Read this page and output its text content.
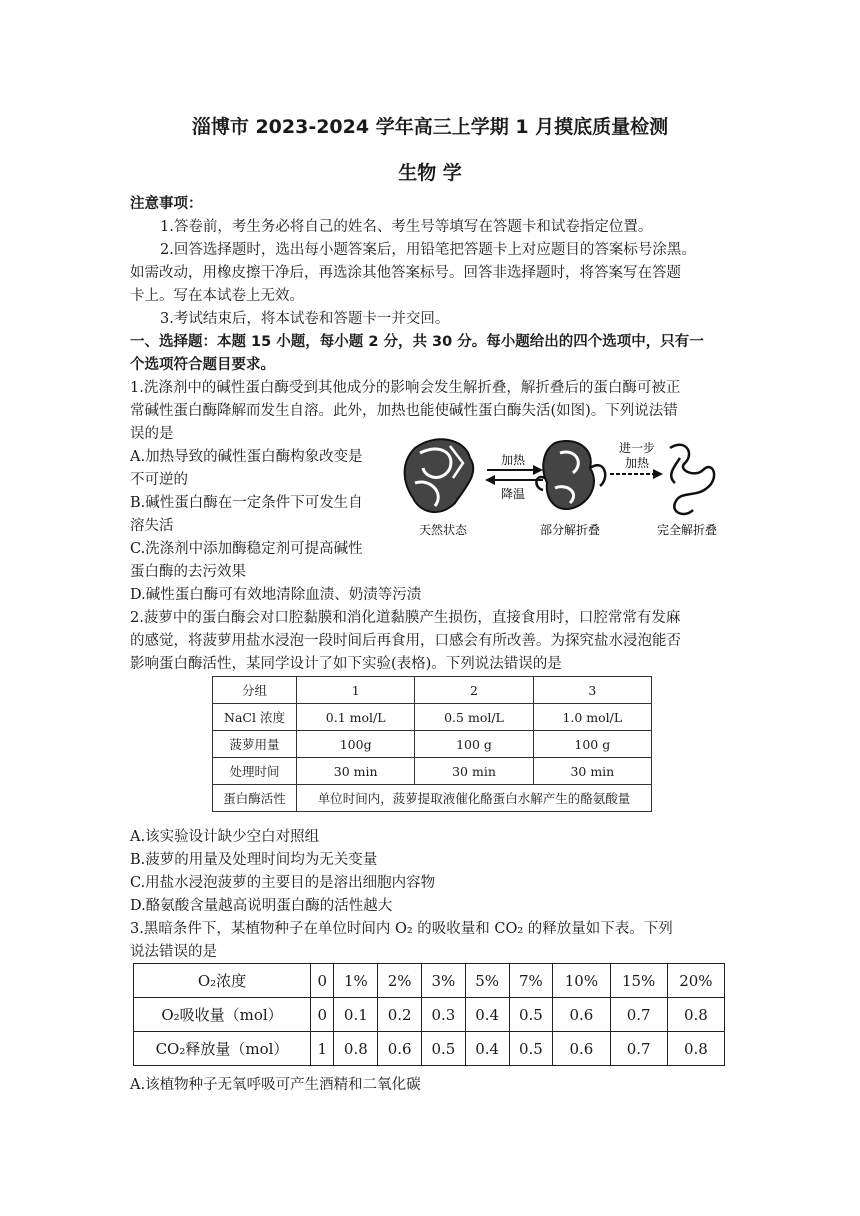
淄博市 2023-2024 学年高三上学期 1 月摸底质量检测
生物 学
注意事项：
1.答卷前，考生务必将自己的姓名、考生号等填写在答题卡和试卷指定位置。
2.回答选择题时，选出每小题答案后，用铅笔把答题卡上对应题目的答案标号涂黑。
如需改动，用橡皮擦干净后，再选涂其他答案标号。回答非选择题时，将答案写在答题
卡上。写在本试卷上无效。
3.考试结束后，将本试卷和答题卡一并交回。
一、选择题：本题 15 小题，每小题 2 分，共 30 分。每小题给出的四个选项中，只有一
个选项符合题目要求。
1.洗涤剂中的碱性蛋白酶受到其他成分的影响会发生解折叠，解折叠后的蛋白酶可被正
常碱性蛋白酶降解而发生自溶。此外，加热也能使碱性蛋白酶失活(如图)。下列说法错
误的是
A.加热导致的碱性蛋白酶构象改变是
不可逆的
B.碱性蛋白酶在一定条件下可发生自
溶失活
C.洗涤剂中添加酶稳定剂可提高碱性
蛋白酶的去污效果
D.碱性蛋白酶可有效地清除血渍、奶渍等污渍
天然状态	部分解折叠	完全解折叠
加热
降温
进一步
加热
2.菠萝中的蛋白酶会对口腔黏膜和消化道黏膜产生损伤，直接食用时，口腔常常有发麻
的感觉，将菠萝用盐水浸泡一段时间后再食用，口感会有所改善。为探究盐水浸泡能否
影响蛋白酶活性，某同学设计了如下实验(表格)。下列说法错误的是
分组	1	2	3
NaCl 浓度	0.1 mol/L	0.5 mol/L	1.0 mol/L
菠萝用量	100g	100 g	100 g
处理时间	30 min	30 min	30 min
蛋白酶活性	单位时间内，菠萝提取液催化酪蛋白水解产生的酪氨酸量		
A.该实验设计缺少空白对照组
B.菠萝的用量及处理时间均为无关变量
C.用盐水浸泡菠萝的主要目的是溶出细胞内容物
D.酪氨酸含量越高说明蛋白酶的活性越大
3.黑暗条件下，某植物种子在单位时间内 O₂ 的吸收量和 CO₂ 的释放量如下表。下列
说法错误的是
O₂浓度	0	1%	2%	3%	5%	7%	10%	15%	20%
O₂吸收量（mol）	0	0.1	0.2	0.3	0.4	0.5	0.6	0.7	0.8
CO₂释放量（mol）	1	0.8	0.6	0.5	0.4	0.5	0.6	0.7	0.8
A.该植物种子无氧呼吸可产生酒精和二氧化碳
